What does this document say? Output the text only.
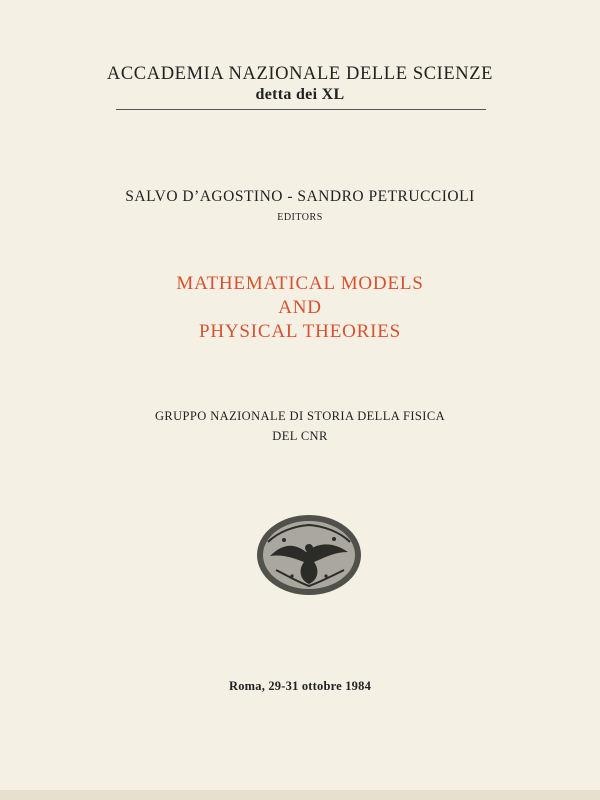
ACCADEMIA NAZIONALE DELLE SCIENZE
detta dei XL
SALVO D’AGOSTINO - SANDRO PETRUCCIOLI
EDITORS
MATHEMATICAL MODELS
AND
PHYSICAL THEORIES
GRUPPO NAZIONALE DI STORIA DELLA FISICA
DEL CNR
Roma, 29-31 ottobre 1984
